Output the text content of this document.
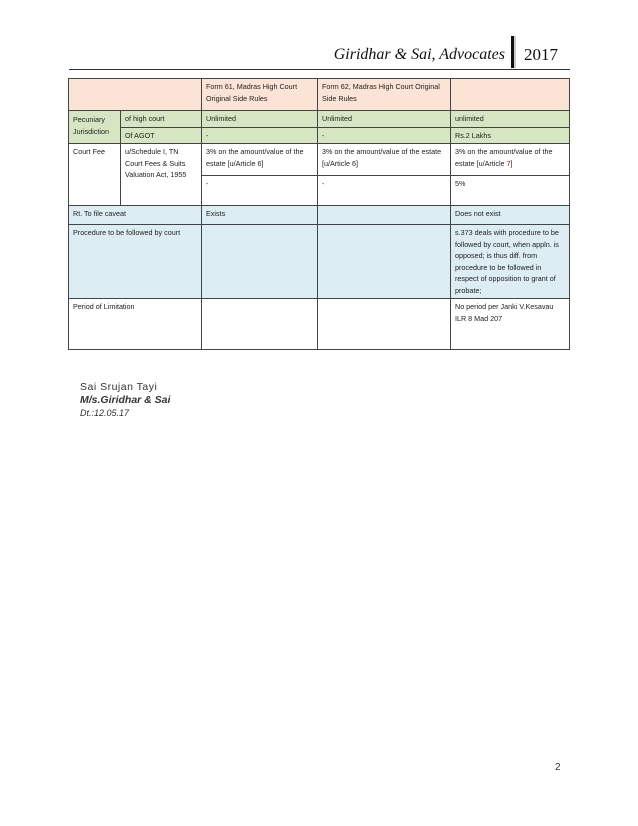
Giridhar & Sai, Advocates	2017
		Form 61, Madras High Court Original Side Rules	Form 62, Madras High Court Original Side Rules	
Pecuniary Jurisdiction	of high court	Unlimited	Unlimited	unlimited
	Of AGOT	-	-	Rs.2 Lakhs
Court Fee	u/Schedule I, TN Court Fees & Suits Valuation Act, 1955	3% on the amount/value of the estate [u/Article 6]	3% on the amount/value of the estate [u/Article 6]	3% on the amount/value of the estate [u/Article 7]
		-	-	5%
Rt. To file caveat		Exists		Does not exist
Procedure to be followed by court				s.373 deals with procedure to be followed by court, when appln. is opposed; is thus diff. from procedure to be followed in respect of opposition to grant of probate;
Period of Limitation				No period per Janki V.Kesavau ILR 8 Mad 207
Sai Srujan Tayi
M/s.Giridhar & Sai
Dt.:12.05.17
2
